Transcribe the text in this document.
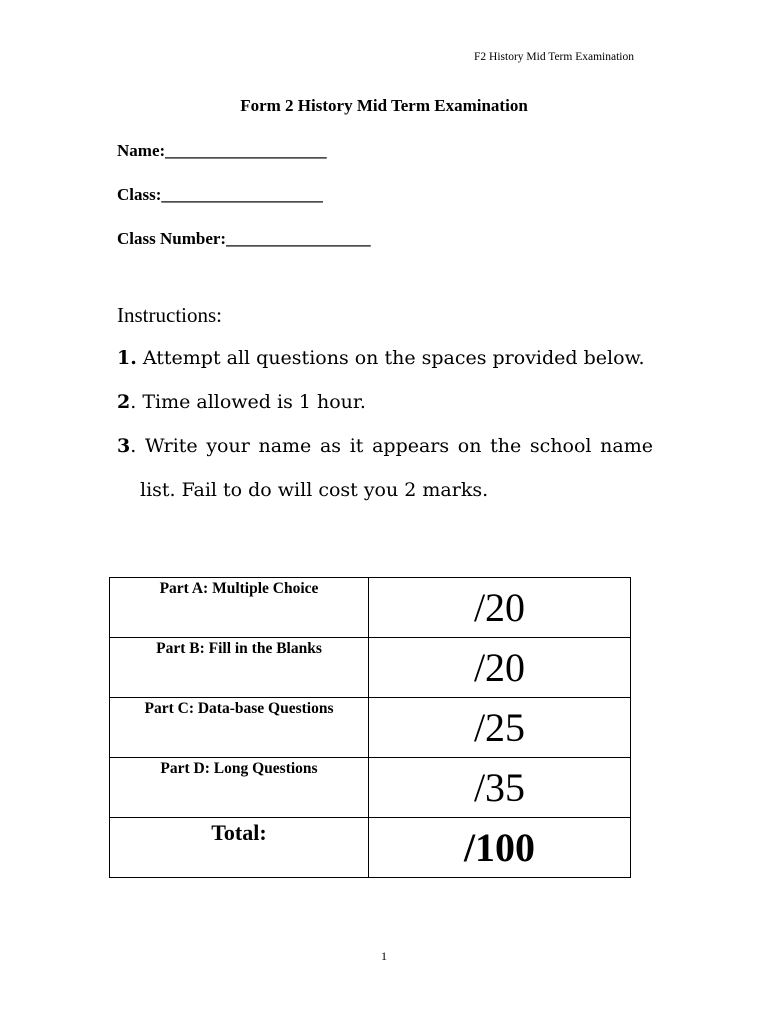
F2 History Mid Term Examination
Form 2 History Mid Term Examination
Name:___________________
Class:___________________
Class Number:_________________
Instructions:
1. Attempt all questions on the spaces provided below.
2. Time allowed is 1 hour.
3. Write your name as it appears on the school name
list. Fail to do will cost you 2 marks.
Part A: Multiple Choice	/20
Part B: Fill in the Blanks	/20
Part C: Data-base Questions	/25
Part D: Long Questions	/35
Total:	/100
1
